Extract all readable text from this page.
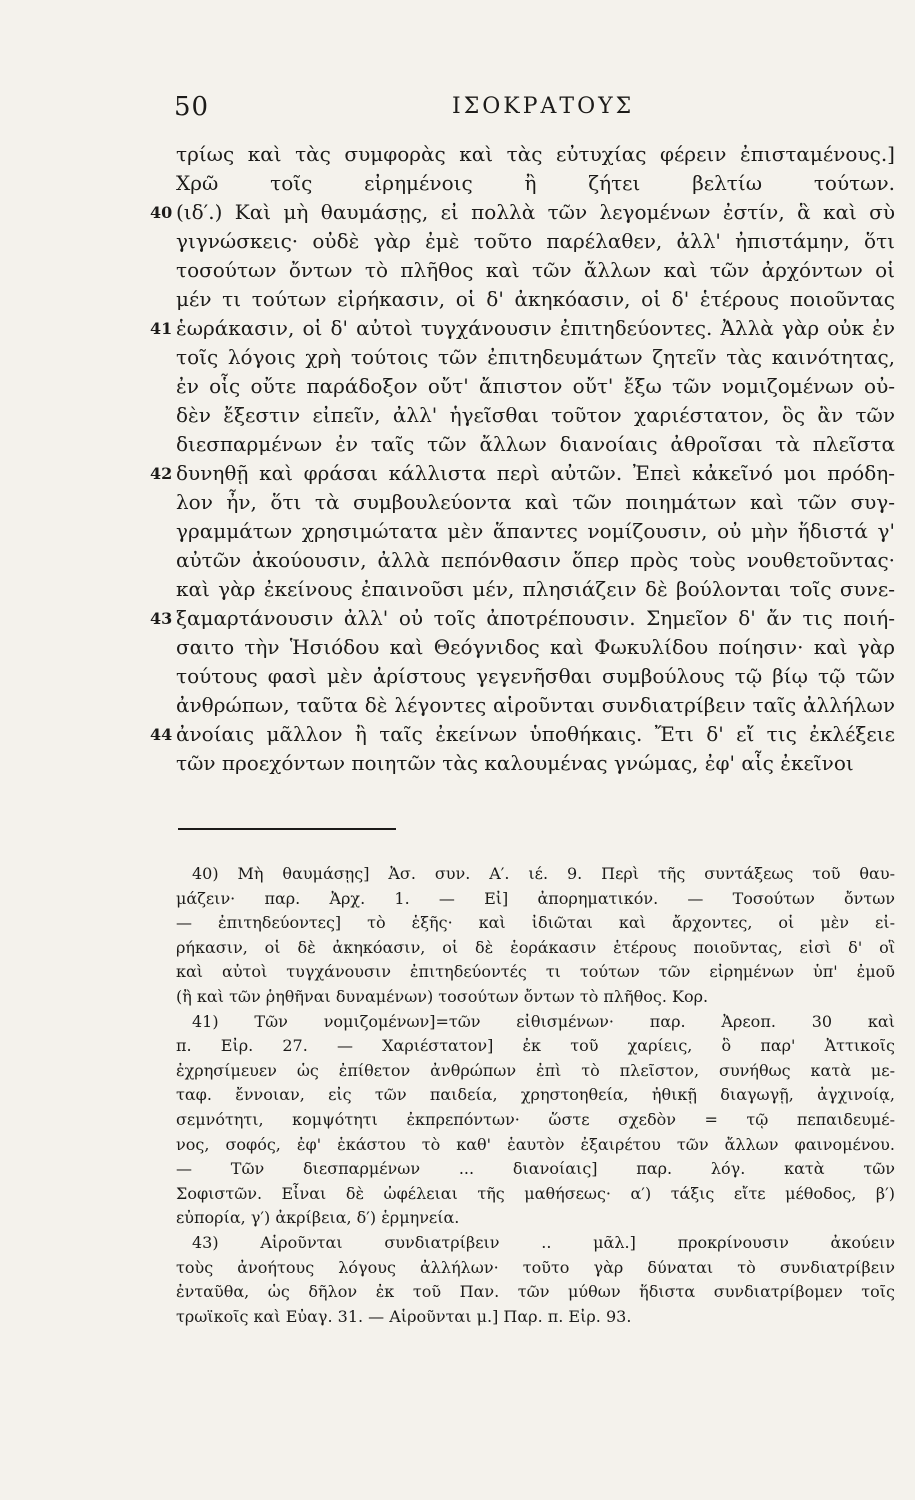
50	ΙΣΟΚΡΑΤΟΥΣ
τρίως καὶ τὰς συμφορὰς καὶ τὰς εὐτυχίας φέρειν ἐπισταμένους.]
Χρῶ τοῖς εἰρημένοις ἢ ζήτει βελτίω τούτων.
40 (ιδ′.) Καὶ μὴ θαυμάσῃς, εἰ πολλὰ τῶν λεγομένων ἐστίν, ἃ καὶ σὺ
γιγνώσκεις· οὐδὲ γὰρ ἐμὲ τοῦτο παρέλαθεν, ἀλλ' ἠπιστάμην, ὅτι
τοσούτων ὄντων τὸ πλῆθος καὶ τῶν ἄλλων καὶ τῶν ἀρχόντων οἱ
μέν τι τούτων εἰρήκασιν, οἱ δ' ἀκηκόασιν, οἱ δ' ἑτέρους ποιοῦντας
41 ἑωράκασιν, οἱ δ' αὐτοὶ τυγχάνουσιν ἐπιτηδεύοντες. Ἀλλὰ γὰρ οὐκ ἐν
τοῖς λόγοις χρὴ τούτοις τῶν ἐπιτηδευμάτων ζητεῖν τὰς καινότητας,
ἐν οἷς οὔτε παράδοξον οὔτ' ἄπιστον οὔτ' ἔξω τῶν νομιζομένων οὐ-
δὲν ἔξεστιν εἰπεῖν, ἀλλ' ἡγεῖσθαι τοῦτον χαριέστατον, ὃς ἂν τῶν
διεσπαρμένων ἐν ταῖς τῶν ἄλλων διανοίαις ἀθροῖσαι τὰ πλεῖστα
42 δυνηθῇ καὶ φράσαι κάλλιστα περὶ αὐτῶν. Ἐπεὶ κἀκεῖνό μοι πρόδη-
λον ἦν, ὅτι τὰ συμβουλεύοντα καὶ τῶν ποιημάτων καὶ τῶν συγ-
γραμμάτων χρησιμώτατα μὲν ἅπαντες νομίζουσιν, οὐ μὴν ἥδιστά γ'
αὐτῶν ἀκούουσιν, ἀλλὰ πεπόνθασιν ὅπερ πρὸς τοὺς νουθετοῦντας·
καὶ γὰρ ἐκείνους ἐπαινοῦσι μέν, πλησιάζειν δὲ βούλονται τοῖς συνε-
43 ξαμαρτάνουσιν ἀλλ' οὐ τοῖς ἀποτρέπουσιν. Σημεῖον δ' ἄν τις ποιή-
σαιτο τὴν Ἡσιόδου καὶ Θεόγνιδος καὶ Φωκυλίδου ποίησιν· καὶ γὰρ
τούτους φασὶ μὲν ἀρίστους γεγενῆσθαι συμβούλους τῷ βίῳ τῷ τῶν
ἀνθρώπων, ταῦτα δὲ λέγοντες αἱροῦνται συνδιατρίβειν ταῖς ἀλλήλων
44 ἀνοίαις μᾶλλον ἢ ταῖς ἐκείνων ὑποθήκαις. Ἔτι δ' εἴ τις ἐκλέξειε
τῶν προεχόντων ποιητῶν τὰς καλουμένας γνώμας, ἐφ' αἷς ἐκεῖνοι
40) Μὴ θαυμάσῃς] Ἀσ. συν. Α′. ιέ. 9. Περὶ τῆς συντάξεως τοῦ θαυ-
μάζειν· παρ. Ἀρχ. 1. — Εἰ] ἀπορηματικόν. — Τοσούτων ὄντων
— ἐπιτηδεύοντες] τὸ ἑξῆς· καὶ ἰδιῶται καὶ ἄρχοντες, οἱ μὲν εἰ-
ρήκασιν, οἱ δὲ ἀκηκόασιν, οἱ δὲ ἑοράκασιν ἑτέρους ποιοῦντας, εἰσὶ δ' οἳ
καὶ αὐτοὶ τυγχάνουσιν ἐπιτηδεύοντές τι τούτων τῶν εἰρημένων ὑπ' ἐμοῦ
(ἢ καὶ τῶν ῥηθῆναι δυναμένων) τοσούτων ὄντων τὸ πλῆθος. Κορ.
41) Τῶν νομιζομένων]=τῶν εἰθισμένων· παρ. Ἀρεοπ. 30 καὶ
π. Εἰρ. 27. — Χαριέστατον] ἐκ τοῦ χαρίεις, ὃ παρ' Ἀττικοῖς
ἐχρησίμευεν ὡς ἐπίθετον ἀνθρώπων ἐπὶ τὸ πλεῖστον, συνήθως κατὰ με-
ταφ. ἔννοιαν, εἰς τῶν παιδεία, χρηστοηθεία, ἠθικῇ διαγωγῇ, ἀγχινοίᾳ,
σεμνότητι, κομψότητι ἐκπρεπόντων· ὥστε σχεδὸν = τῷ πεπαιδευμέ-
νος, σοφός, ἐφ' ἑκάστου τὸ καθ' ἑαυτὸν ἐξαιρέτου τῶν ἄλλων φαινομένου.
— Τῶν διεσπαρμένων ... διανοίαις] παρ. λόγ. κατὰ τῶν
Σοφιστῶν. Εἶναι δὲ ὠφέλειαι τῆς μαθήσεως· α′) τάξις εἴτε μέθοδος, β′)
εὐπορία, γ′) ἀκρίβεια, δ′) ἑρμηνεία.
43) Αἱροῦνται συνδιατρίβειν .. μᾶλ.] προκρίνουσιν ἀκούειν
τοὺς ἀνοήτους λόγους ἀλλήλων· τοῦτο γὰρ δύναται τὸ συνδιατρίβειν
ἐνταῦθα, ὡς δῆλον ἐκ τοῦ Παν. τῶν μύθων ἥδιστα συνδιατρίβομεν τοῖς
τρωϊκοῖς καὶ Εὐαγ. 31. — Αἱροῦνται μ.] Παρ. π. Εἰρ. 93.
